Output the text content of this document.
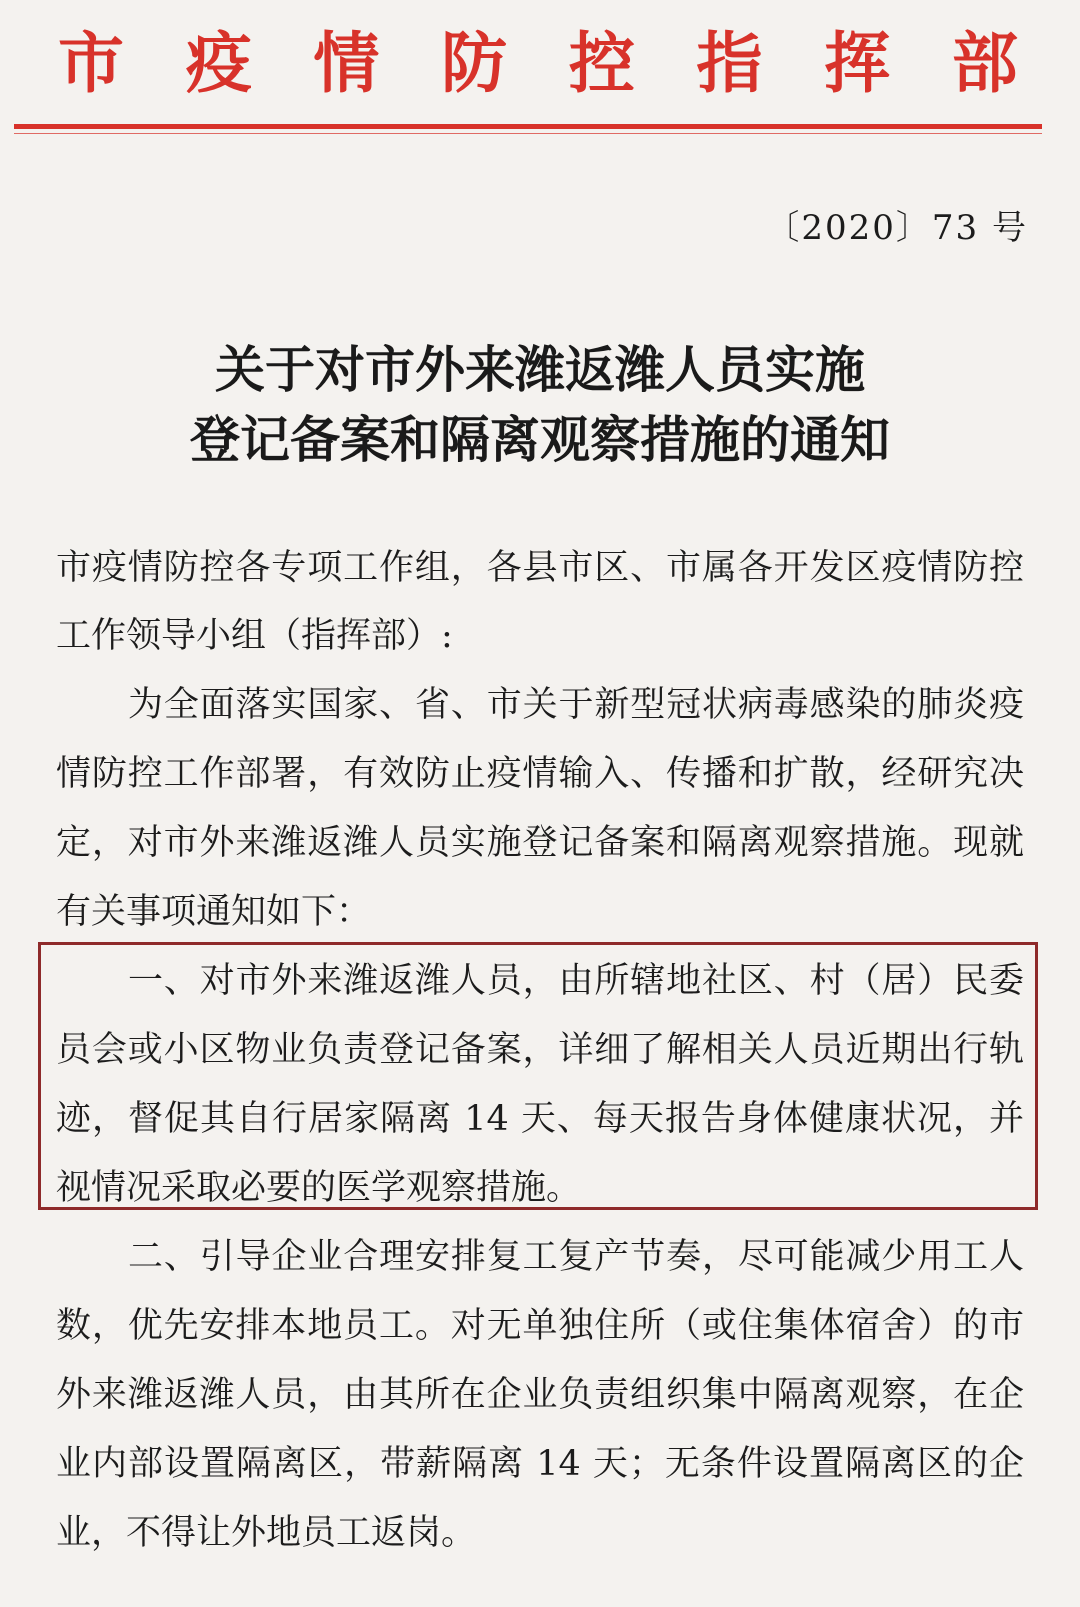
市 疫 情 防 控 指 挥 部
〔2020〕73 号
关于对市外来潍返潍人员实施
登记备案和隔离观察措施的通知
市疫情防控各专项工作组，各县市区、市属各开发区疫情防控
工作领导小组（指挥部）:
为全面落实国家、省、市关于新型冠状病毒感染的肺炎疫
情防控工作部署，有效防止疫情输入、传播和扩散，经研究决
定，对市外来潍返潍人员实施登记备案和隔离观察措施。现就
有关事项通知如下：
一、对市外来潍返潍人员，由所辖地社区、村（居）民委
员会或小区物业负责登记备案，详细了解相关人员近期出行轨
迹，督促其自行居家隔离 14 天、每天报告身体健康状况，并
视情况采取必要的医学观察措施。
二、引导企业合理安排复工复产节奏，尽可能减少用工人
数，优先安排本地员工。对无单独住所（或住集体宿舍）的市
外来潍返潍人员，由其所在企业负责组织集中隔离观察，在企
业内部设置隔离区，带薪隔离 14 天；无条件设置隔离区的企
业，不得让外地员工返岗。
